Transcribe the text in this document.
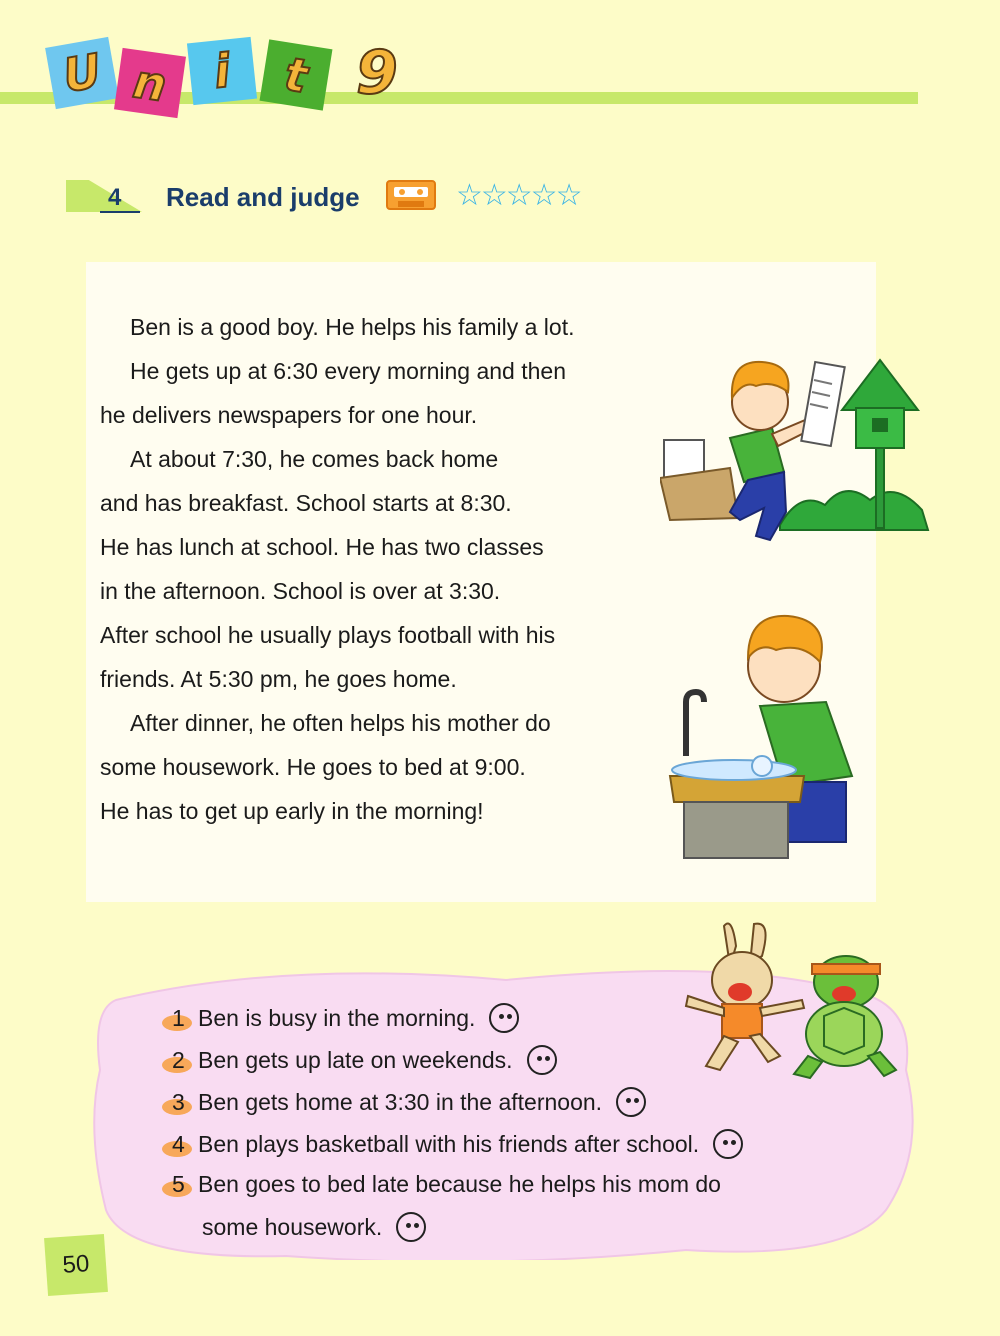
U n i	t 9
4 Read and judge	☆☆☆☆☆
Ben is a good boy. He helps his family a lot.
He gets up at 6:30 every morning and then
he delivers newspapers for one hour.
At about 7:30, he comes back home
and has breakfast. School starts at 8:30.
He has lunch at school. He has two classes
in the afternoon. School is over at 3:30.
After school he usually plays football with his
friends. At 5:30 pm, he goes home.
After dinner, he often helps his mother do
some housework. He goes to bed at 9:00.
He has to get up early in the morning!
1 Ben is busy in the morning.
2 Ben gets up late on weekends.
3 Ben gets home at 3:30 in the afternoon.
4 Ben plays basketball with his friends after school.
5 Ben goes to bed late because he helps his mom do
some housework.
50
